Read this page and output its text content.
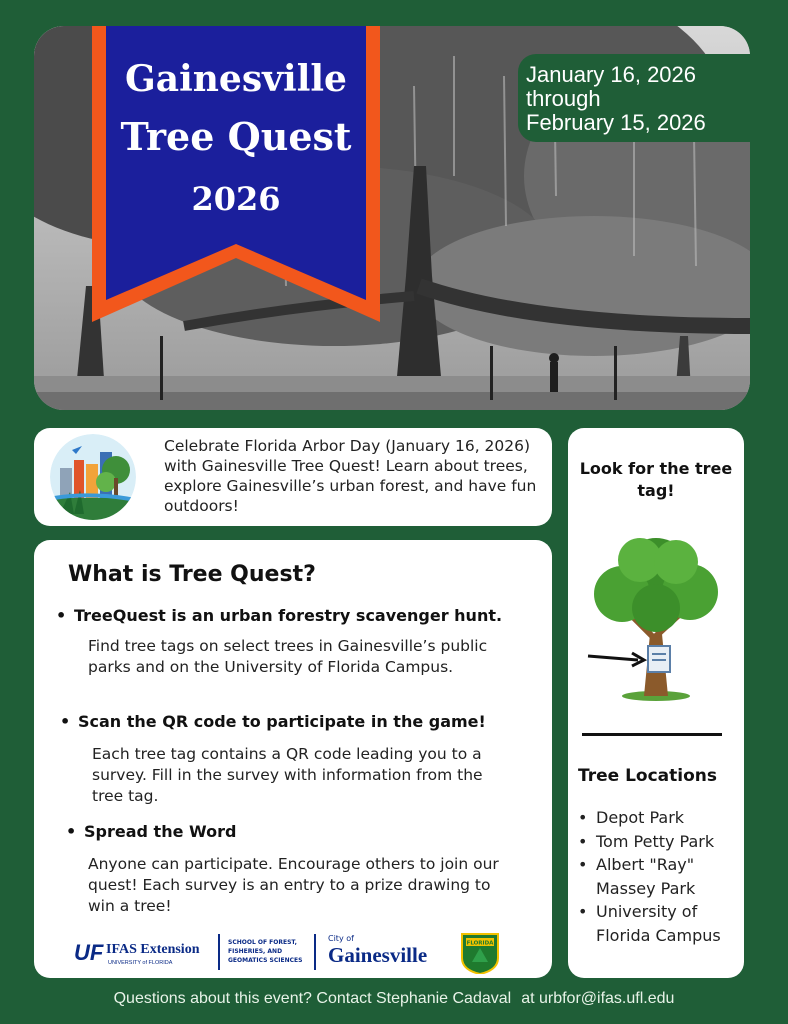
Gainesville
Tree Quest
2026
January 16, 2026
through
February 15, 2026
Celebrate Florida Arbor Day (January 16, 2026) with Gainesville Tree Quest! Learn about trees, explore Gainesville’s urban forest, and have fun outdoors!
What is Tree Quest?
• TreeQuest is an urban forestry scavenger hunt.
Find tree tags on select trees in Gainesville’s public parks and on the University of Florida Campus.
• Scan the QR code to participate in the game!
Each tree tag contains a QR code leading you to a survey. Fill in the survey with information from the tree tag.
• Spread the Word
Anyone can participate. Encourage others to join our quest! Each survey is an entry to a prize drawing to win a tree!
UF IFAS Extension
UNIVERSITY of FLORIDA
SCHOOL OF FOREST, FISHERIES, AND GEOMATICS SCIENCES
City of
Gainesville	FLORIDA
Look for the tree tag!
Tree Locations
• Depot Park
• Tom Petty Park
• Albert "Ray" Massey Park
• University of Florida Campus
Questions about this event? Contact Stephanie Cadaval at urbfor@ifas.ufl.edu
